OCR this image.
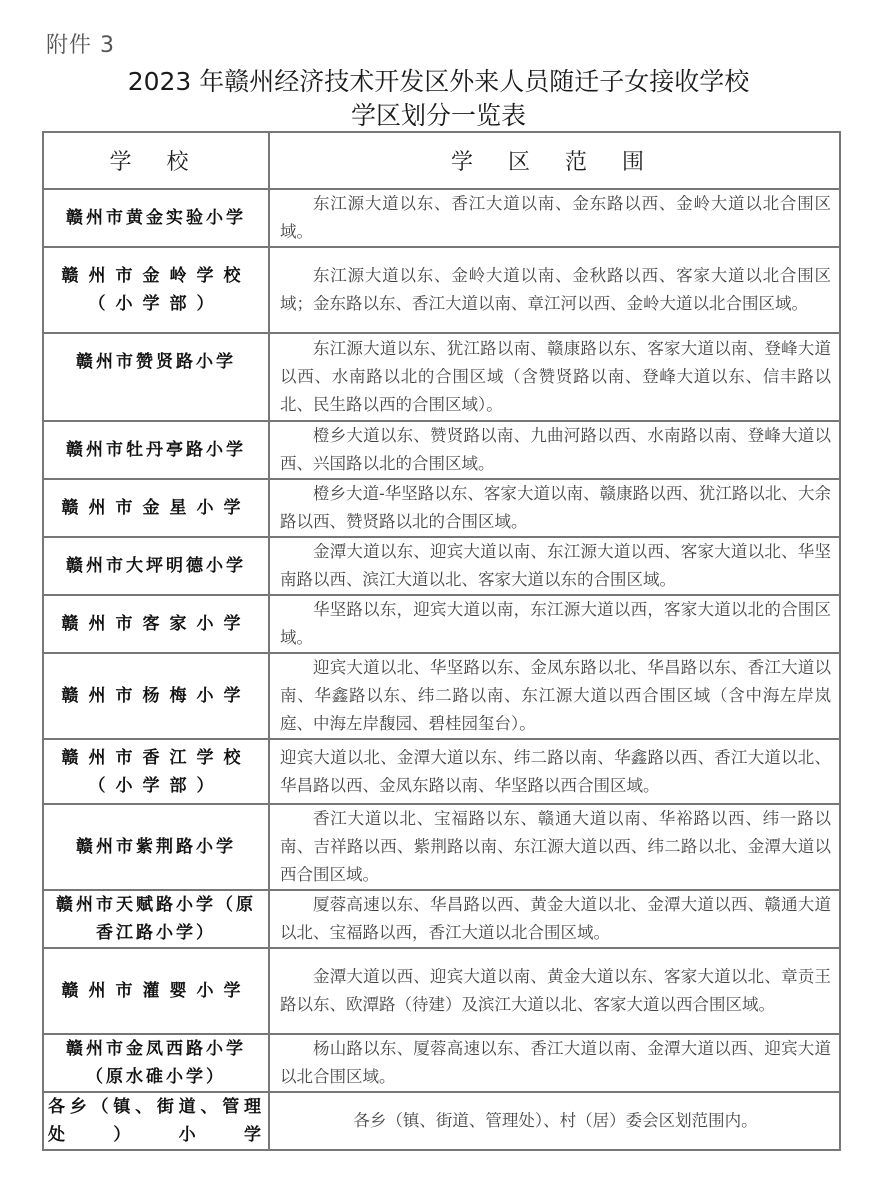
附件 3
2023 年赣州经济技术开发区外来人员随迁子女接收学校
学区划分一览表
学 校	学 区 范 围
赣州市黄金实验小学	东江源大道以东、香江大道以南、金东路以西、金岭大道以北合围区域。

赣州市金岭学校（小学部）	东江源大道以东、金岭大道以南、金秋路以西、客家大道以北合围区域；金东路以东、香江大道以南、章江河以西、金岭大道以北合围区域。

赣州市赞贤路小学	东江源大道以东、犹江路以南、赣康路以东、客家大道以南、登峰大道以西、水南路以北的合围区域（含赞贤路以南、登峰大道以东、信丰路以北、民生路以西的合围区域）。

赣州市牡丹亭路小学	橙乡大道以东、赞贤路以南、九曲河路以西、水南路以南、登峰大道以西、兴国路以北的合围区域。

赣州市金星小学	橙乡大道-华坚路以东、客家大道以南、赣康路以西、犹江路以北、大余路以西、赞贤路以北的合围区域。

赣州市大坪明德小学	金潭大道以东、迎宾大道以南、东江源大道以西、客家大道以北、华坚南路以西、滨江大道以北、客家大道以东的合围区域。

赣州市客家小学	华坚路以东，迎宾大道以南，东江源大道以西，客家大道以北的合围区域。

赣州市杨梅小学	迎宾大道以北、华坚路以东、金凤东路以北、华昌路以东、香江大道以南、华鑫路以东、纬二路以南、东江源大道以西合围区域（含中海左岸岚庭、中海左岸馥园、碧桂园玺台）。

赣州市香江学校（小学部）	迎宾大道以北、金潭大道以东、纬二路以南、华鑫路以西、香江大道以北、华昌路以西、金凤东路以南、华坚路以西合围区域。

赣州市紫荆路小学	香江大道以北、宝福路以东、赣通大道以南、华裕路以西、纬一路以南、吉祥路以西、紫荆路以南、东江源大道以西、纬二路以北、金潭大道以西合围区域。

赣州市天赋路小学（原香江路小学）	厦蓉高速以东、华昌路以西、黄金大道以北、金潭大道以西、赣通大道以北、宝福路以西，香江大道以北合围区域。

赣州市灌婴小学	金潭大道以西、迎宾大道以南、黄金大道以东、客家大道以北、章贡王路以东、欧潭路（待建）及滨江大道以北、客家大道以西合围区域。

赣州市金凤西路小学（原水碓小学）	杨山路以东、厦蓉高速以东、香江大道以南、金潭大道以西、迎宾大道以北合围区域。

各乡（镇、街道、管理处）小学	各乡（镇、街道、管理处）、村（居）委会区划范围内。
